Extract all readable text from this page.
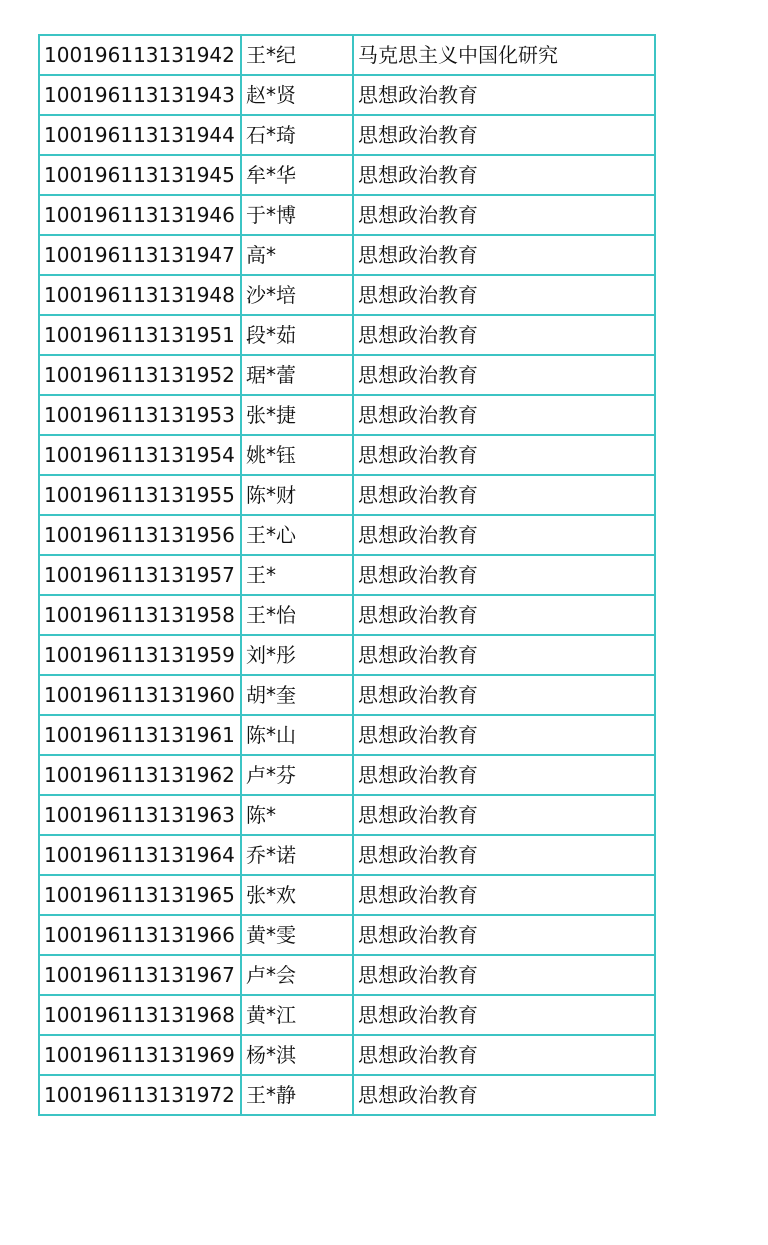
100196113131942	王*纪	马克思主义中国化研究
100196113131943	赵*贤	思想政治教育
100196113131944	石*琦	思想政治教育
100196113131945	牟*华	思想政治教育
100196113131946	于*博	思想政治教育
100196113131947	高*	思想政治教育
100196113131948	沙*培	思想政治教育
100196113131951	段*茹	思想政治教育
100196113131952	琚*蕾	思想政治教育
100196113131953	张*捷	思想政治教育
100196113131954	姚*钰	思想政治教育
100196113131955	陈*财	思想政治教育
100196113131956	王*心	思想政治教育
100196113131957	王*	思想政治教育
100196113131958	王*怡	思想政治教育
100196113131959	刘*彤	思想政治教育
100196113131960	胡*奎	思想政治教育
100196113131961	陈*山	思想政治教育
100196113131962	卢*芬	思想政治教育
100196113131963	陈*	思想政治教育
100196113131964	乔*诺	思想政治教育
100196113131965	张*欢	思想政治教育
100196113131966	黄*雯	思想政治教育
100196113131967	卢*会	思想政治教育
100196113131968	黄*江	思想政治教育
100196113131969	杨*淇	思想政治教育
100196113131972	王*静	思想政治教育
